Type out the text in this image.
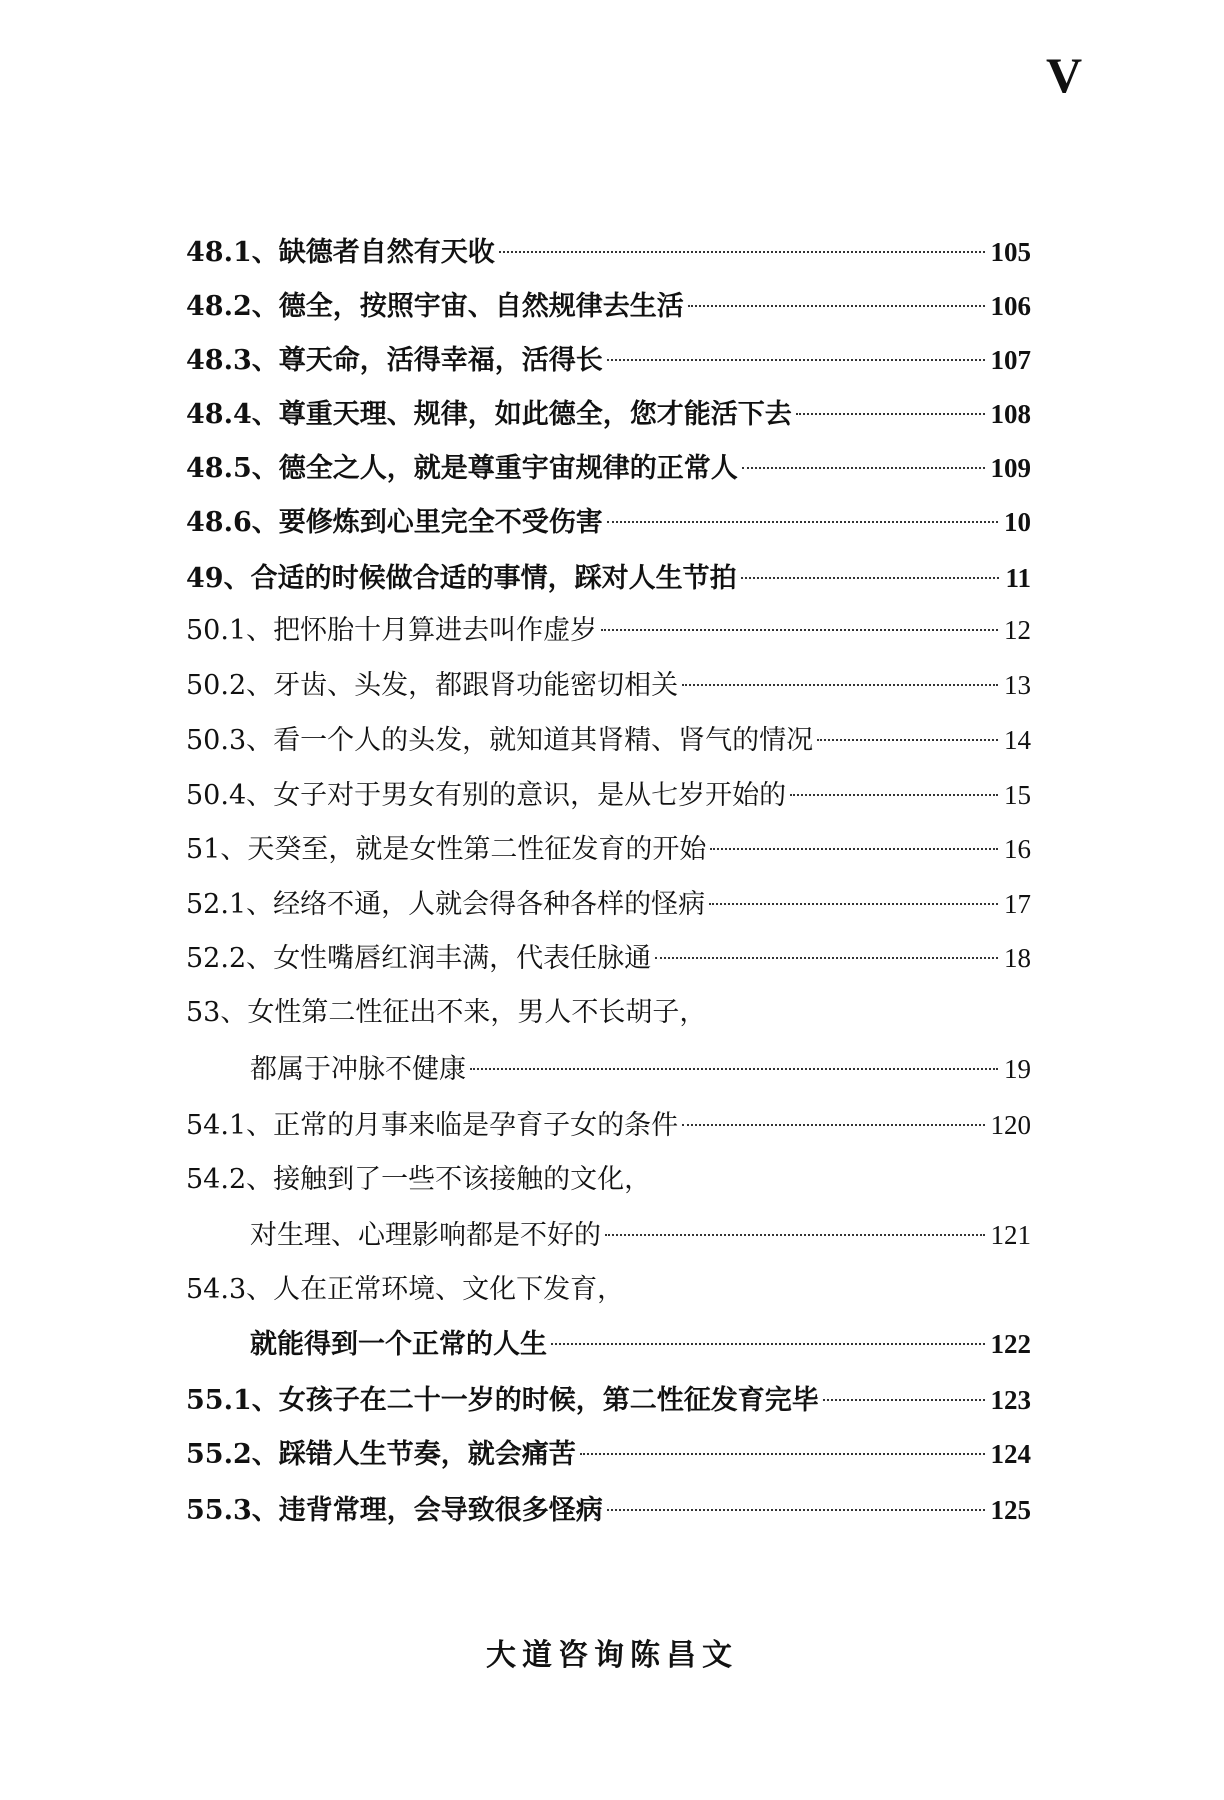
V
48.1、 缺德者自然有天收	105
48.2、 德全，按照宇宙、自然规律去生活	106
48.3、 尊天命，活得幸福，活得长	107
48.4、 尊重天理、规律，如此德全，您才能活下去	108
48.5、 德全之人，就是尊重宇宙规律的正常人	109
48.6、 要修炼到心里完全不受伤害	10
49、 合适的时候做合适的事情，踩对人生节拍	11
50.1、 把怀胎十月算进去叫作虚岁	12
50.2、 牙齿、头发，都跟肾功能密切相关	13
50.3、 看一个人的头发，就知道其肾精、肾气的情况	14
50.4、 女子对于男女有别的意识，是从七岁开始的	15
51、 天癸至，就是女性第二性征发育的开始	16
52.1、 经络不通，人就会得各种各样的怪病	17
52.2、 女性嘴唇红润丰满，代表任脉通	18
53、 女性第二性征出不来，男人不长胡子，
都属于冲脉不健康	19
54.1、 正常的月事来临是孕育子女的条件	120
54.2、 接触到了一些不该接触的文化，
对生理、心理影响都是不好的	121
54.3、 人在正常环境、文化下发育，
就能得到一个正常的人生	122
55.1、 女孩子在二十一岁的时候，第二性征发育完毕	123
55.2、 踩错人生节奏，就会痛苦	124
55.3、 违背常理，会导致很多怪病	125
大道咨询陈昌文
